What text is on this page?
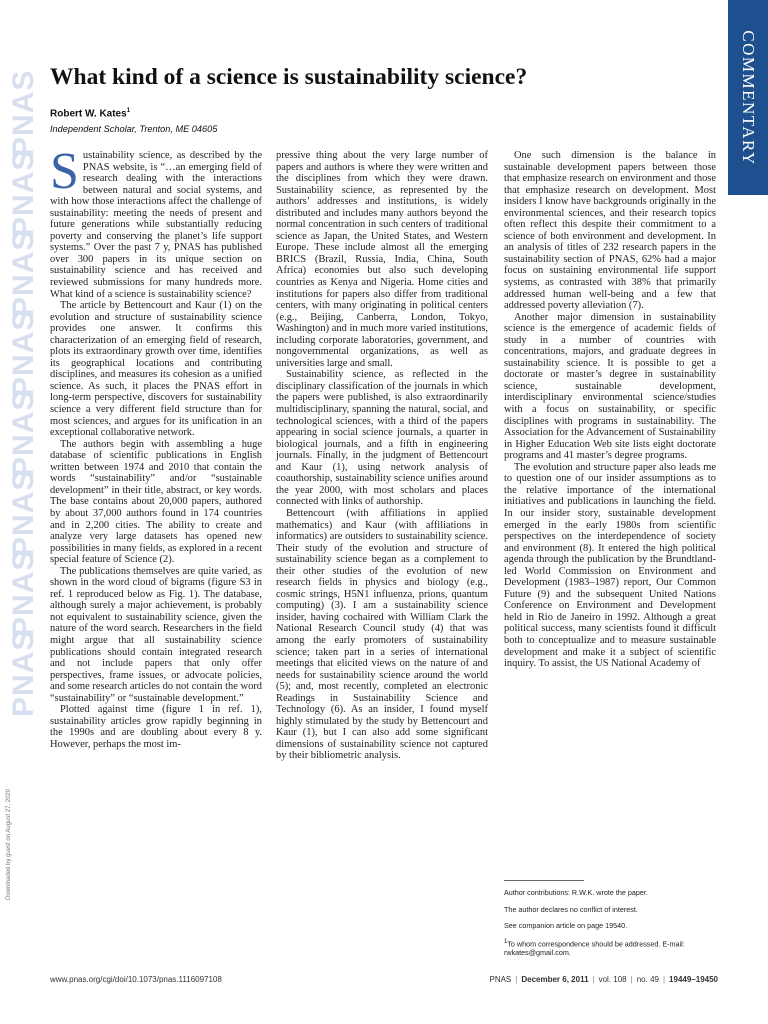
PNAS
PNAS
PNAS
PNAS
PNAS
PNAS
PNAS
PNAS
Downloaded by guest on August 27, 2020
COMMENTARY
What kind of a science is sustainability science?
Robert W. Kates$^1$
Independent Scholar, Trenton, ME 04605

Sustainability science, as described by the PNAS website, is “…an emerging field of research dealing with the interactions between natural and social systems, and with how those interactions affect the challenge of sustainability: meeting the needs of present and future generations while substantially reducing poverty and conserving the planet’s life support systems.” Over the past 7 y, PNAS has published over 300 papers in its unique section on sustainability science and has received and reviewed submissions for many hundreds more. What kind of a science is sustainability science?

The article by Bettencourt and Kaur (1) on the evolution and structure of sustainability science provides one answer. It confirms this characterization of an emerging field of research, plots its extraordinary growth over time, identifies its geographical locations and contributing disciplines, and measures its cohesion as a unified science. As such, it places the PNAS effort in long-term perspective, discovers for sustainability science a very different field structure than for most sciences, and argues for its unification in an exceptional collaborative network.

The authors begin with assembling a huge database of scientific publications in English written between 1974 and 2010 that contain the words “sustainability” and/or “sustainable development” in their title, abstract, or key words. The base contains about 20,000 papers, authored by about 37,000 authors found in 174 countries and in 2,200 cities. The ability to create and analyze very large datasets has opened new possibilities in many fields, as explored in a recent special feature of Science (2).

The publications themselves are quite varied, as shown in the word cloud of bigrams (figure S3 in ref. 1 reproduced below as Fig. 1). The database, although surely a major achievement, is probably not equivalent to sustainability science, given the nature of the word search. Researchers in the field might argue that all sustainability science publications should contain integrated research and not include papers that only offer perspectives, frame issues, or advocate policies, and some research articles do not contain the word “sustainability” or “sustainable development.”

Plotted against time (figure 1 in ref. 1), sustainability articles grow rapidly beginning in the 1990s and are doubling about every 8 y. However, perhaps the most im-

pressive thing about the very large number of papers and authors is where they were written and the disciplines from which they were drawn. Sustainability science, as represented by the authors’ addresses and institutions, is widely distributed and includes many authors beyond the normal concentration in such centers of traditional science as Japan, the United States, and Western Europe. These include almost all the emerging BRICS (Brazil, Russia, India, China, South Africa) economies but also such developing countries as Kenya and Nigeria. Home cities and institutions for papers also differ from traditional centers, with many originating in political centers (e.g., Beijing, Canberra, London, Tokyo, Washington) and in much more varied institutions, including corporate laboratories, government, and nongovernmental organizations, as well as universities large and small.

Sustainability science, as reflected in the disciplinary classification of the journals in which the papers were published, is also extraordinarily multidisciplinary, spanning the natural, social, and technological sciences, with a third of the papers appearing in social science journals, a quarter in biological journals, and a fifth in engineering journals. Finally, in the judgment of Bettencourt and Kaur (1), using network analysis of coauthorship, sustainability science unifies around the year 2000, with most scholars and places connected with links of authorship.

Bettencourt (with affiliations in applied mathematics) and Kaur (with affiliations in informatics) are outsiders to sustainability science. Their study of the evolution and structure of sustainability science began as a complement to their other studies of the evolution of new research fields in physics and biology (e.g., cosmic strings, H5N1 influenza, prions, quantum computing) (3). I am a sustainability science insider, having cochaired with William Clark the National Research Council study (4) that was among the early promoters of sustainability science; taken part in a series of international meetings that elicited views on the nature of and needs for sustainability science around the world (5); and, most recently, completed an electronic Readings in Sustainability Science and Technology (6). As an insider, I found myself highly stimulated by the study by Bettencourt and Kaur (1), but I can also add some significant dimensions of sustainability science not captured by their bibliometric analysis.

One such dimension is the balance in sustainable development papers between those that emphasize research on environment and those that emphasize research on development. Most insiders I know have backgrounds originally in the environmental sciences, and their research topics often reflect this despite their commitment to a science of both environment and development. In an analysis of titles of 232 research papers in the sustainability section of PNAS, 62% had a major focus on sustaining environmental life support systems, as contrasted with 38% that primarily addressed human well-being and a few that addressed poverty alleviation (7).

Another major dimension in sustainability science is the emergence of academic fields of study in a number of countries with concentrations, majors, and graduate degrees in sustainability science. It is possible to get a doctorate or master’s degree in sustainability science, sustainable development, interdisciplinary environmental science/studies with a focus on sustainability, or specific disciplines with programs in sustainability. The Association for the Advancement of Sustainability in Higher Education Web site lists eight doctorate programs and 41 master’s degree programs.

The evolution and structure paper also leads me to question one of our insider assumptions as to the relative importance of the international initiatives and publications in launching the field. In our insider story, sustainable development emerged in the early 1980s from scientific perspectives on the interdependence of society and environment (8). It entered the high political agenda through the publication by the Brundtland-led World Commission on Environment and Development (1983–1987) report, Our Common Future (9) and the subsequent United Nations Conference on Environment and Development held in Rio de Janeiro in 1992. Although a great political success, many scientists found it difficult both to conceptualize and to measure sustainable development and make it a subject of scientific inquiry. To assist, the US National Academy of

Author contributions: R.W.K. wrote the paper.
The author declares no conflict of interest.
See companion article on page 19540.
$^1$To whom correspondence should be addressed. E-mail: rwkates@gmail.com.
www.pnas.org/cgi/doi/10.1073/pnas.1116097108	PNAS | December 6, 2011 | vol. 108 | no. 49 | 19449–19450
